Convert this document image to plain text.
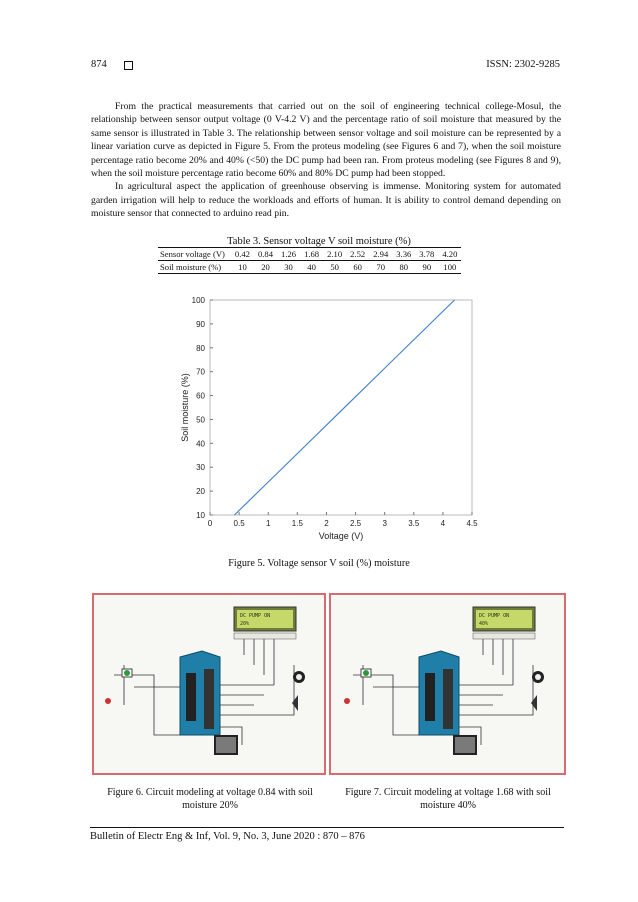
874	ISSN: 2302-9285

From the practical measurements that carried out on the soil of engineering technical college-Mosul, the relationship between sensor output voltage (0 V-4.2 V) and the percentage ratio of soil moisture that measured by the same sensor is illustrated in Table 3. The relationship between sensor voltage and soil moisture can be represented by a linear variation curve as depicted in Figure 5. From the proteus modeling (see Figures 6 and 7), when the soil moisture percentage ratio become 20% and 40% (<50) the DC pump had been ran. From proteus modeling (see Figures 8 and 9), when the soil moisture percentage ratio become 60% and 80% DC pump had been stopped.

In agricultural aspect the application of greenhouse observing is immense. Monitoring system for automated garden irrigation will help to reduce the workloads and efforts of human. It is ability to control demand depending on moisture sensor that connected to arduino read pin.

Table 3. Sensor voltage V soil moisture (%)
Sensor voltage (V)	0.42	0.84	1.26	1.68	2.10	2.52	2.94	3.36	3.78	4.20
Soil moisture (%)	10	20	30	40	50	60	70	80	90	100
0	0.5	1	1.5	2	2.5	3	3.5	4	4.5
10
20
30
40
50
60
70
80
90
100
Voltage (V)
Soil moisture (%)
Figure 5. Voltage sensor V soil (%) moisture
DC PUMP ON
20%
DC PUMP ON
40%
Figure 6. Circuit modeling at voltage 0.84 with soil moisture 20%
Figure 7. Circuit modeling at voltage 1.68 with soil moisture 40%
Bulletin of Electr Eng & Inf, Vol. 9, No. 3, June 2020 : 870 – 876
